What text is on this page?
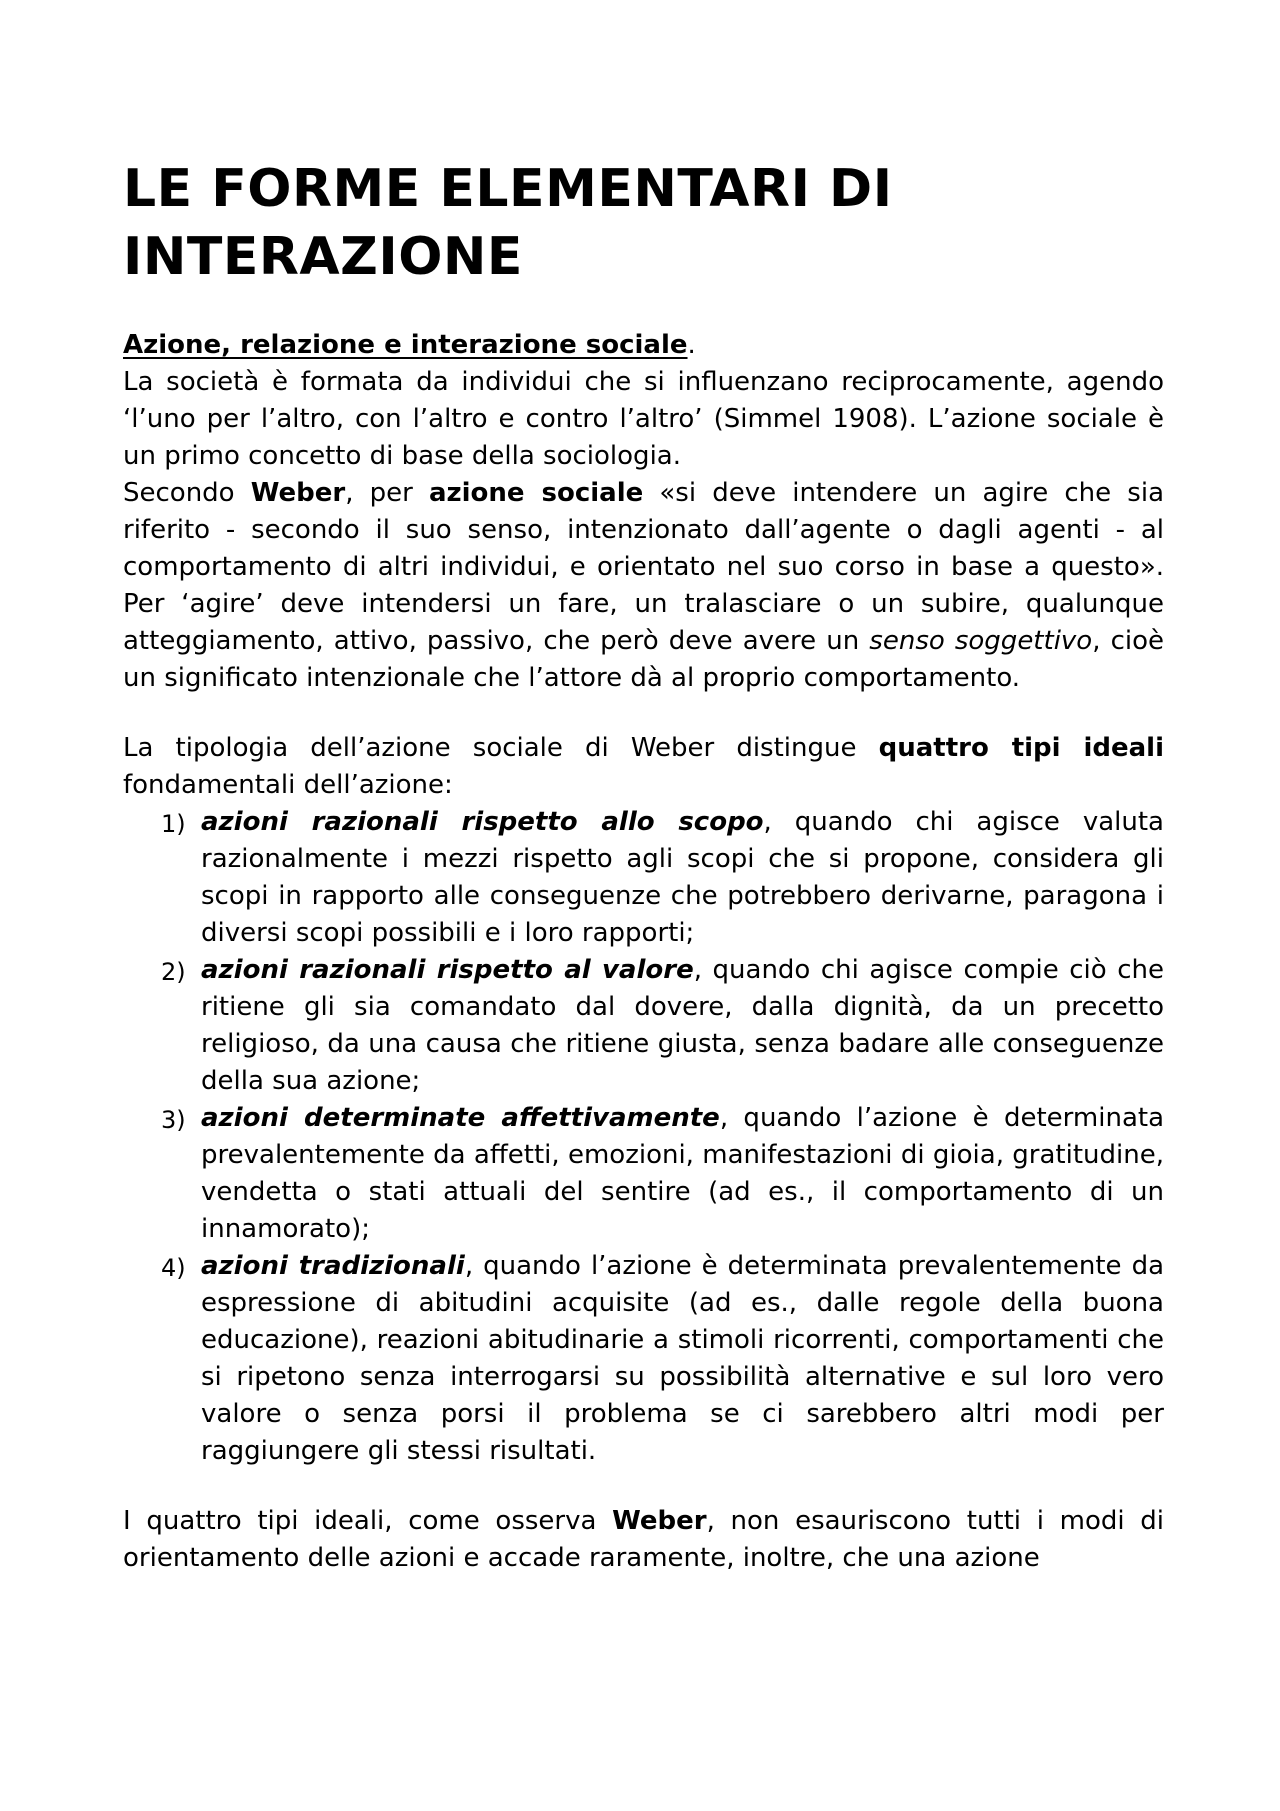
LE FORME ELEMENTARI DI INTERAZIONE
Azione, relazione e interazione sociale.

La società è formata da individui che si influenzano reciprocamente, agendo ‘l’uno per l’altro, con l’altro e contro l’altro’ (Simmel 1908). L’azione sociale è un primo concetto di base della sociologia.

Secondo Weber, per azione sociale «si deve intendere un agire che sia riferito - secondo il suo senso, intenzionato dall’agente o dagli agenti - al comportamento di altri individui, e orientato nel suo corso in base a questo». Per ‘agire’ deve intendersi un fare, un tralasciare o un subire, qualunque atteggiamento, attivo, passivo, che però deve avere un senso soggettivo, cioè un significato intenzionale che l’attore dà al proprio comportamento.

La tipologia dell’azione sociale di Weber distingue quattro tipi ideali fondamentali dell’azione:

1) azioni razionali rispetto allo scopo, quando chi agisce valuta razionalmente i mezzi rispetto agli scopi che si propone, considera gli scopi in rapporto alle conseguenze che potrebbero derivarne, paragona i diversi scopi possibili e i loro rapporti;
2) azioni razionali rispetto al valore, quando chi agisce compie ciò che ritiene gli sia comandato dal dovere, dalla dignità, da un precetto religioso, da una causa che ritiene giusta, senza badare alle conseguenze della sua azione;
3) azioni determinate affettivamente, quando l’azione è determinata prevalentemente da affetti, emozioni, manifestazioni di gioia, gratitudine, vendetta o stati attuali del sentire (ad es., il comportamento di un innamorato);
4) azioni tradizionali, quando l’azione è determinata prevalentemente da espressione di abitudini acquisite (ad es., dalle regole della buona educazione), reazioni abitudinarie a stimoli ricorrenti, comportamenti che si ripetono senza interrogarsi su possibilità alternative e sul loro vero valore o senza porsi il problema se ci sarebbero altri modi per raggiungere gli stessi risultati.

I quattro tipi ideali, come osserva Weber, non esauriscono tutti i modi di orientamento delle azioni e accade raramente, inoltre, che una azione
